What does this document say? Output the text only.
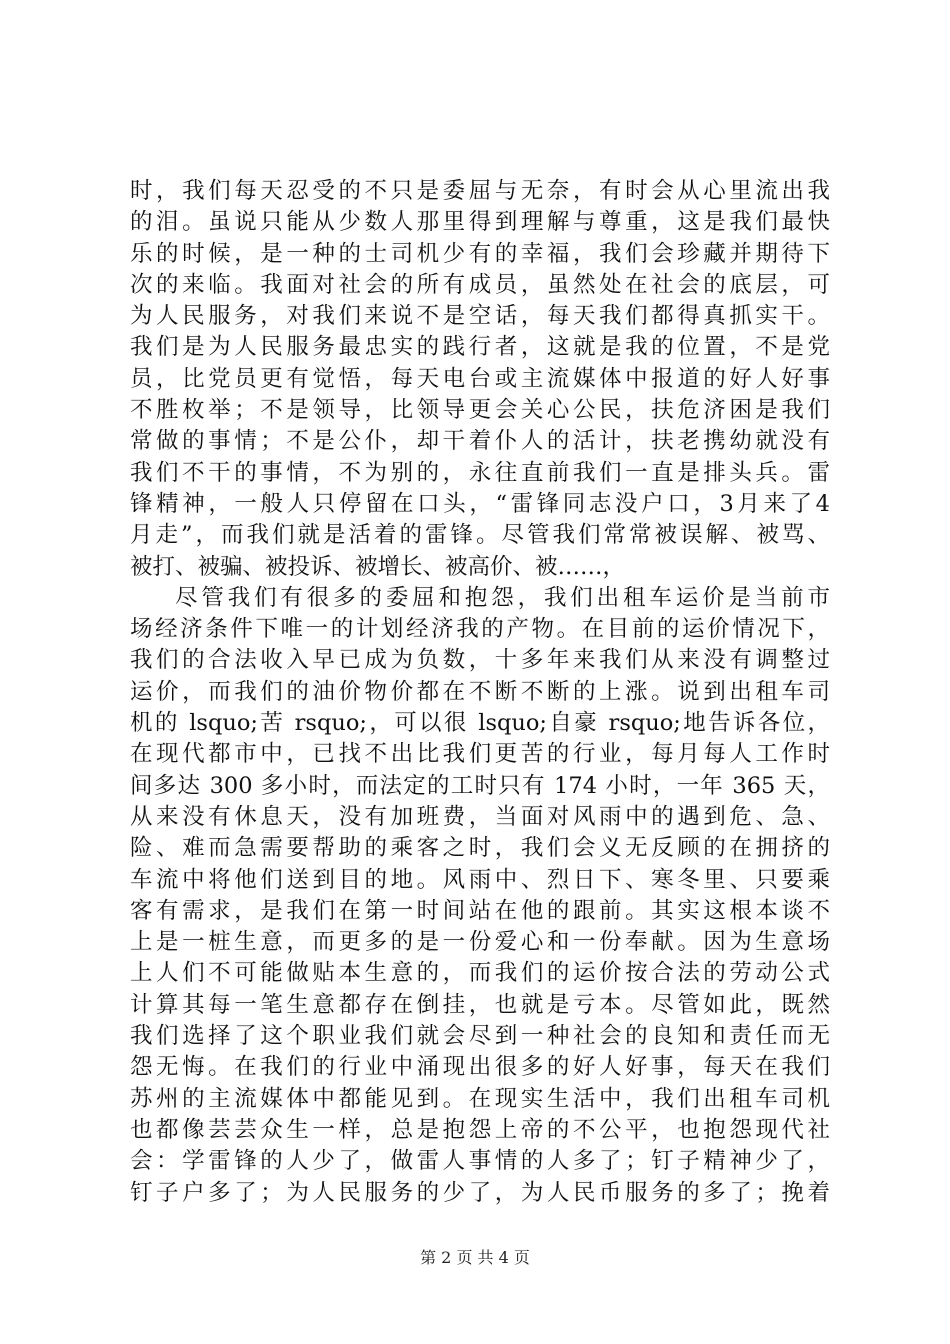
时，我们每天忍受的不只是委屈与无奈，有时会从心里流出我
的泪。虽说只能从少数人那里得到理解与尊重，这是我们最快
乐的时候，是一种的士司机少有的幸福，我们会珍藏并期待下
次的来临。我面对社会的所有成员，虽然处在社会的底层，可
为人民服务，对我们来说不是空话，每天我们都得真抓实干。
我们是为人民服务最忠实的践行者，这就是我的位置，不是党
员，比党员更有觉悟，每天电台或主流媒体中报道的好人好事
不胜枚举；不是领导，比领导更会关心公民，扶危济困是我们
常做的事情；不是公仆，却干着仆人的活计，扶老携幼就没有
我们不干的事情，不为别的，永往直前我们一直是排头兵。雷
锋精神，一般人只停留在口头，“雷锋同志没户口，3月来了4
月走”，而我们就是活着的雷锋。尽管我们常常被误解、被骂、
被打、被骗、被投诉、被增长、被高价、被……，
尽管我们有很多的委屈和抱怨，我们出租车运价是当前市
场经济条件下唯一的计划经济我的产物。在目前的运价情况下，
我们的合法收入早已成为负数，十多年来我们从来没有调整过
运价，而我们的油价物价都在不断不断的上涨。说到出租车司
机的 lsquo;苦 rsquo;，可以很 lsquo;自豪 rsquo;地告诉各位，
在现代都市中，已找不出比我们更苦的行业，每月每人工作时
间多达 300 多小时，而法定的工时只有 174 小时，一年 365 天，
从来没有休息天，没有加班费，当面对风雨中的遇到危、急、
险、难而急需要帮助的乘客之时，我们会义无反顾的在拥挤的
车流中将他们送到目的地。风雨中、烈日下、寒冬里、只要乘
客有需求，是我们在第一时间站在他的跟前。其实这根本谈不
上是一桩生意，而更多的是一份爱心和一份奉献。因为生意场
上人们不可能做贴本生意的，而我们的运价按合法的劳动公式
计算其每一笔生意都存在倒挂，也就是亏本。尽管如此，既然
我们选择了这个职业我们就会尽到一种社会的良知和责任而无
怨无悔。在我们的行业中涌现出很多的好人好事，每天在我们
苏州的主流媒体中都能见到。在现实生活中，我们出租车司机
也都像芸芸众生一样，总是抱怨上帝的不公平，也抱怨现代社
会：学雷锋的人少了，做雷人事情的人多了；钉子精神少了，
钉子户多了；为人民服务的少了，为人民币服务的多了；挽着
第 2 页 共 4 页
